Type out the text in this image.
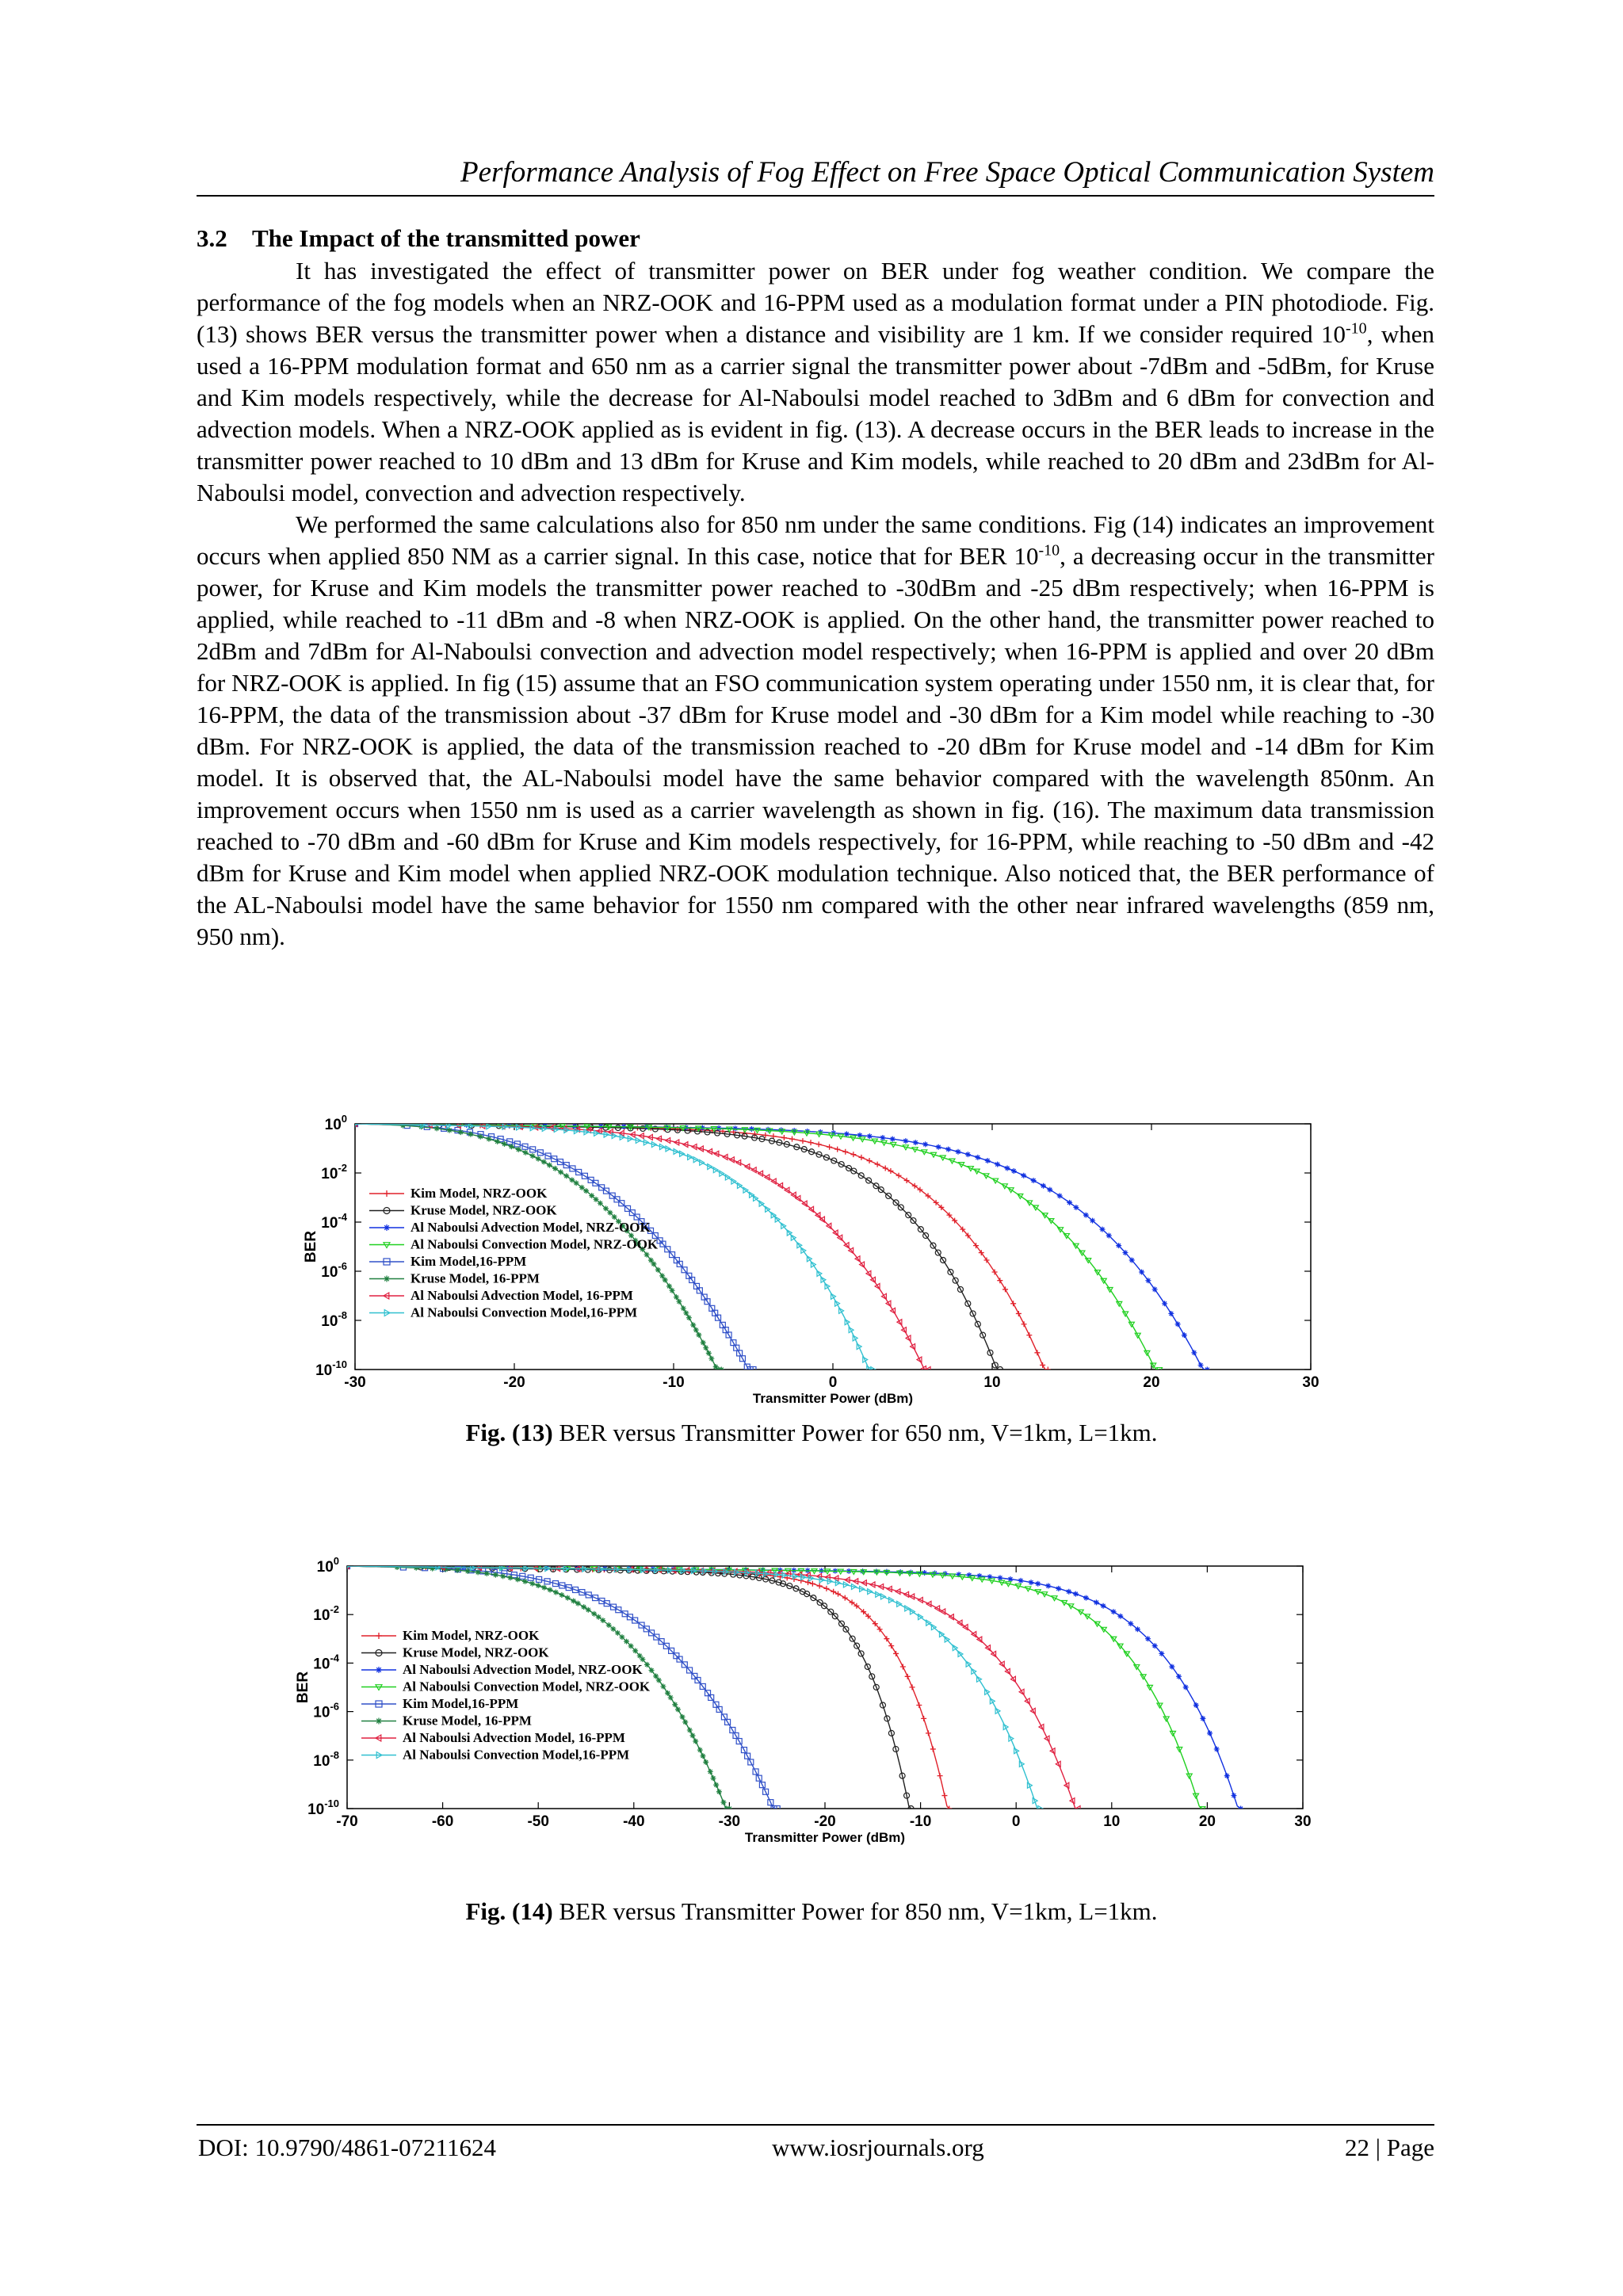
Performance Analysis of Fog Effect on Free Space Optical Communication System
3.2 The Impact of the transmitted power

It has investigated the effect of transmitter power on BER under fog weather condition. We compare the performance of the fog models when an NRZ-OOK and 16-PPM used as a modulation format under a PIN photodiode. Fig. (13) shows BER versus the transmitter power when a distance and visibility are 1 km. If we consider required $10^{-10}$, when used a 16-PPM modulation format and 650 nm as a carrier signal the transmitter power about -7dBm and -5dBm, for Kruse and Kim models respectively, while the decrease for Al-Naboulsi model reached to 3dBm and 6 dBm for convection and advection models. When a NRZ-OOK applied as is evident in fig. (13). A decrease occurs in the BER leads to increase in the transmitter power reached to 10 dBm and 13 dBm for Kruse and Kim models, while reached to 20 dBm and 23dBm for Al-Naboulsi model, convection and advection respectively.

We performed the same calculations also for 850 nm under the same conditions. Fig (14) indicates an improvement occurs when applied 850 NM as a carrier signal. In this case, notice that for BER $10^{-10}$, a decreasing occur in the transmitter power, for Kruse and Kim models the transmitter power reached to -30dBm and -25 dBm respectively; when 16-PPM is applied, while reached to -11 dBm and -8 when NRZ-OOK is applied. On the other hand, the transmitter power reached to 2dBm and 7dBm for Al-Naboulsi convection and advection model respectively; when 16-PPM is applied and over 20 dBm for NRZ-OOK is applied. In fig (15) assume that an FSO communication system operating under 1550 nm, it is clear that, for 16-PPM, the data of the transmission about -37 dBm for Kruse model and -30 dBm for a Kim model while reaching to -30 dBm. For NRZ-OOK is applied, the data of the transmission reached to -20 dBm for Kruse model and -14 dBm for Kim model. It is observed that, the AL-Naboulsi model have the same behavior compared with the wavelength 850nm. An improvement occurs when 1550 nm is used as a carrier wavelength as shown in fig. (16). The maximum data transmission reached to -70 dBm and -60 dBm for Kruse and Kim models respectively, for 16-PPM, while reaching to -50 dBm and -42 dBm for Kruse and Kim model when applied NRZ-OOK modulation technique. Also noticed that, the BER performance of the AL-Naboulsi model have the same behavior for 1550 nm compared with the other near infrared wavelengths (859 nm, 950 nm).

-30	-20	-10	0	10	20	30
$10^0$
$10^{-2}$
$10^{-4}$
$10^{-6}$
$10^{-8}$
$10^{-10}$
Transmitter Power (dBm)
BER
Kim Model, NRZ-OOK
Kruse Model, NRZ-OOK
Al Naboulsi Advection Model, NRZ-OOK
Al Naboulsi Convection Model, NRZ-OOK
Kim Model,16-PPM
Kruse Model, 16-PPM
Al Naboulsi Advection Model, 16-PPM
Al Naboulsi Convection Model,16-PPM
Fig. (13) BER versus Transmitter Power for 650 nm, V=1km, L=1km.
-70	-60	-50	-40	-30	-20	-10	0	10	20	30
$10^0$
$10^{-2}$
$10^{-4}$
$10^{-6}$
$10^{-8}$
$10^{-10}$
Transmitter Power (dBm)
BER
Kim Model, NRZ-OOK
Kruse Model, NRZ-OOK
Al Naboulsi Advection Model, NRZ-OOK
Al Naboulsi Convection Model, NRZ-OOK
Kim Model,16-PPM
Kruse Model, 16-PPM
Al Naboulsi Advection Model, 16-PPM
Al Naboulsi Convection Model,16-PPM
Fig. (14) BER versus Transmitter Power for 850 nm, V=1km, L=1km.
DOI: 10.9790/4861-07211624	www.iosrjournals.org	22 | Page
